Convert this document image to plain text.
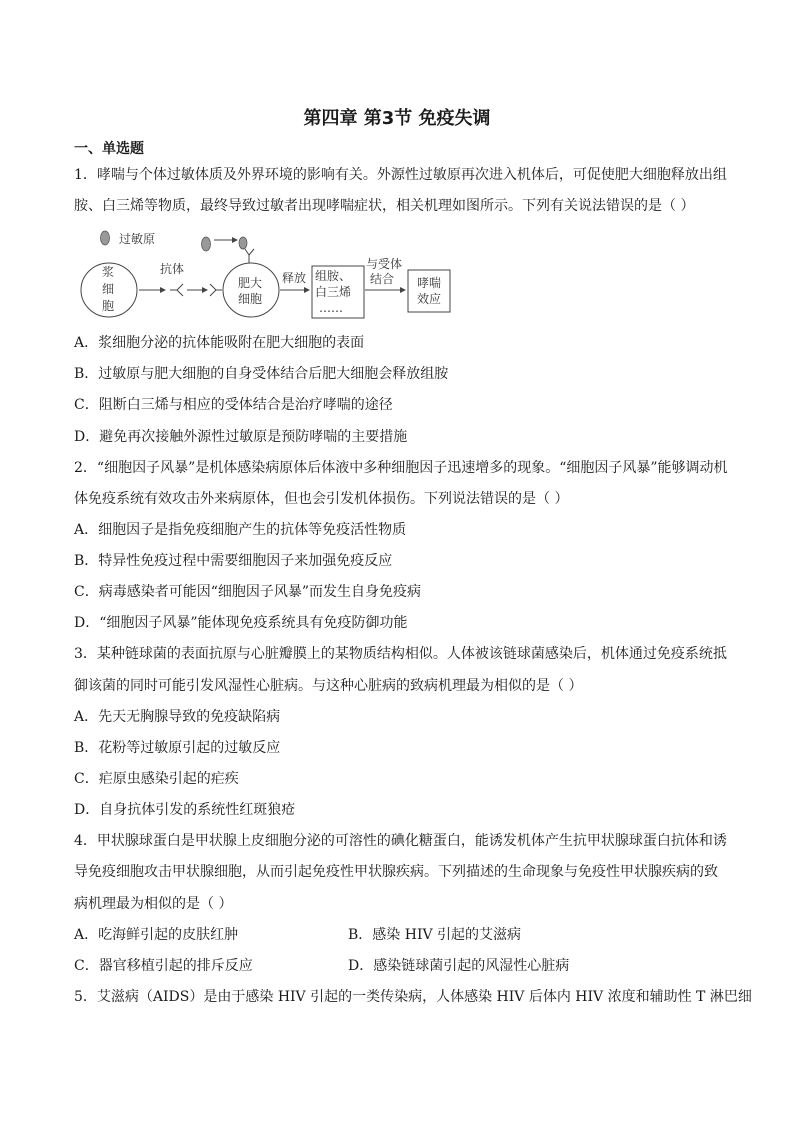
第四章 第3节 免疫失调
一、单选题
1．哮喘与个体过敏体质及外界环境的影响有关。外源性过敏原再次进入机体后，可促使肥大细胞释放出组
胺、白三烯等物质，最终导致过敏者出现哮喘症状，相关机理如图所示。下列有关说法错误的是（ ）
过敏原
浆
细
胞
抗体
肥大
细胞
释放 组胺、
白三烯
……
与受体
结合 哮喘
效应
A．浆细胞分泌的抗体能吸附在肥大细胞的表面
B．过敏原与肥大细胞的自身受体结合后肥大细胞会释放组胺
C．阻断白三烯与相应的受体结合是治疗哮喘的途径
D．避免再次接触外源性过敏原是预防哮喘的主要措施
2．“细胞因子风暴”是机体感染病原体后体液中多种细胞因子迅速增多的现象。“细胞因子风暴”能够调动机
体免疫系统有效攻击外来病原体，但也会引发机体损伤。下列说法错误的是（ ）
A．细胞因子是指免疫细胞产生的抗体等免疫活性物质
B．特异性免疫过程中需要细胞因子来加强免疫反应
C．病毒感染者可能因“细胞因子风暴”而发生自身免疫病
D．“细胞因子风暴”能体现免疫系统具有免疫防御功能
3．某种链球菌的表面抗原与心脏瓣膜上的某物质结构相似。人体被该链球菌感染后，机体通过免疫系统抵
御该菌的同时可能引发风湿性心脏病。与这种心脏病的致病机理最为相似的是（ ）
A．先天无胸腺导致的免疫缺陷病
B．花粉等过敏原引起的过敏反应
C．疟原虫感染引起的疟疾
D．自身抗体引发的系统性红斑狼疮
4．甲状腺球蛋白是甲状腺上皮细胞分泌的可溶性的碘化糖蛋白，能诱发机体产生抗甲状腺球蛋白抗体和诱
导免疫细胞攻击甲状腺细胞，从而引起免疫性甲状腺疾病。下列描述的生命现象与免疫性甲状腺疾病的致
病机理最为相似的是（ ）
A．吃海鲜引起的皮肤红肿	B．感染 HIV 引起的艾滋病
C．器官移植引起的排斥反应	D．感染链球菌引起的风湿性心脏病
5．艾滋病（AIDS）是由于感染 HIV 引起的一类传染病，人体感染 HIV 后体内 HIV 浓度和辅助性 T 淋巴细
